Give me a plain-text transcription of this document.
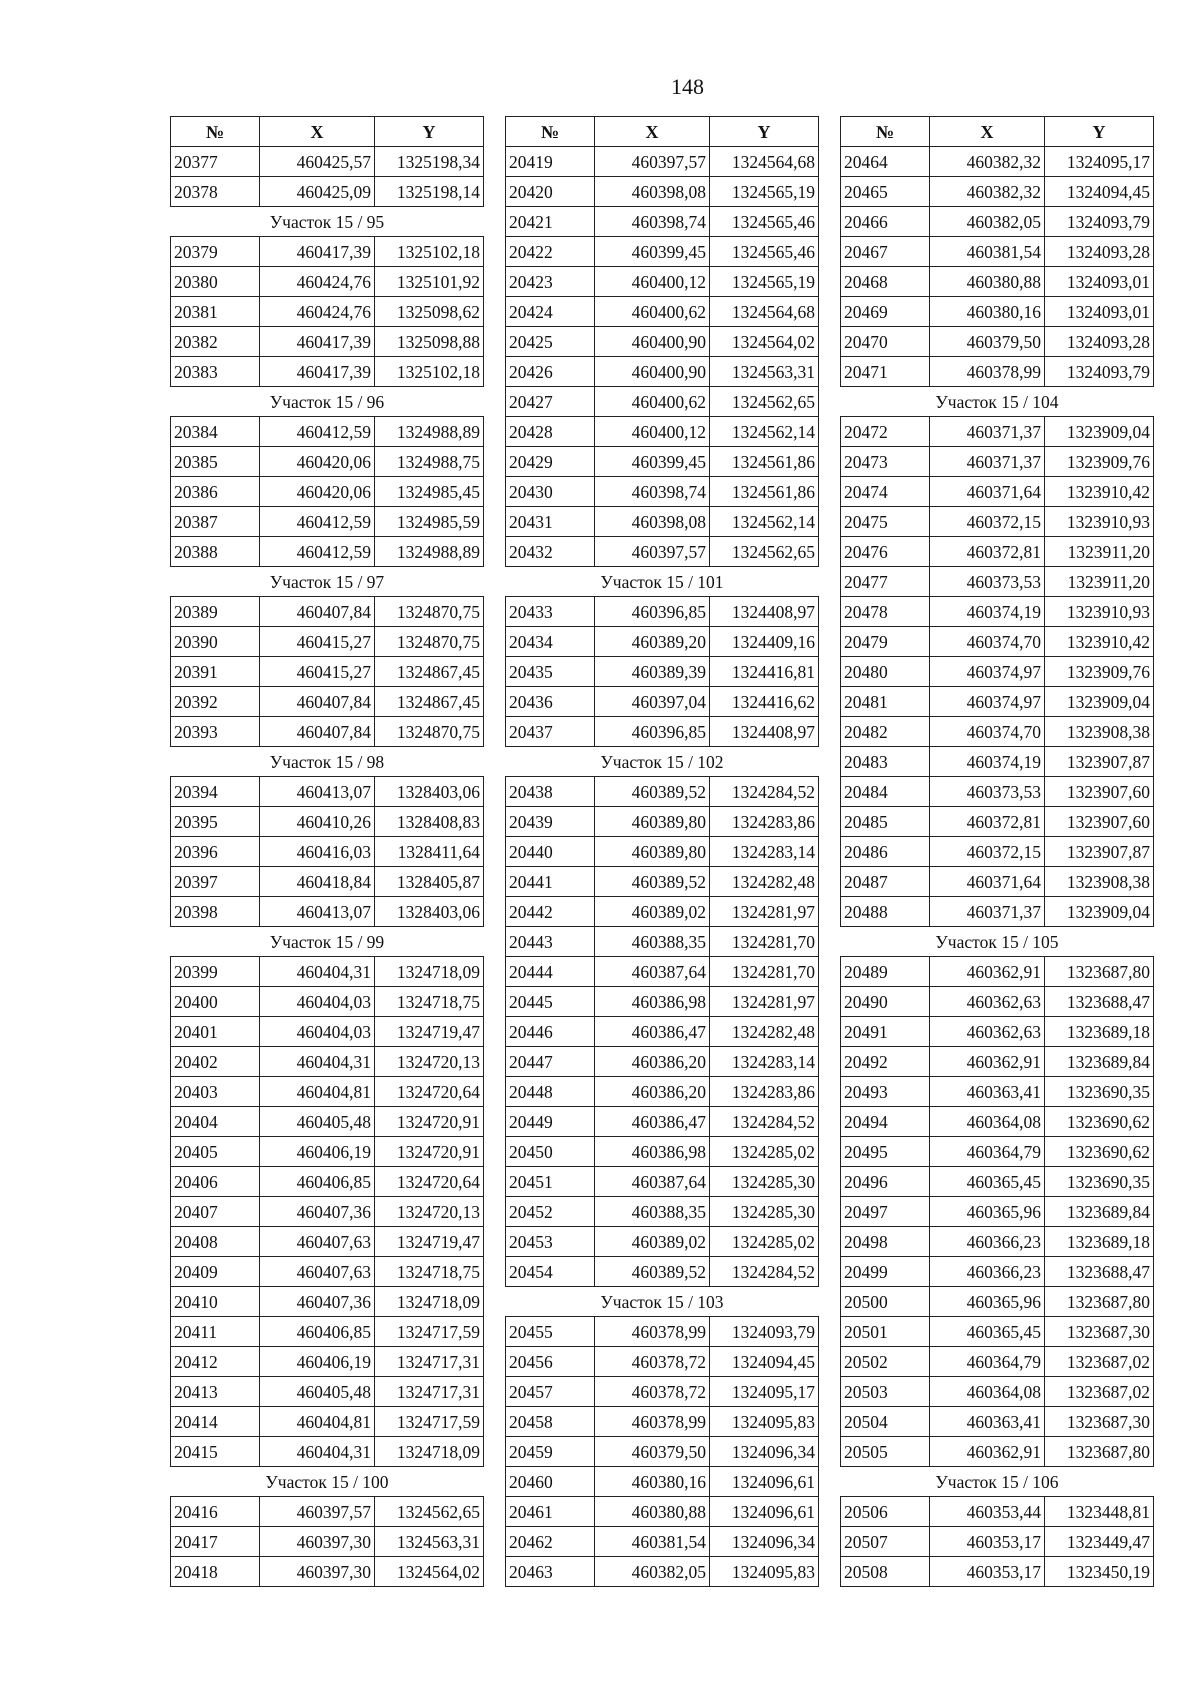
148
№	X	Y
20377	460425,57	1325198,34
20378	460425,09	1325198,14
Участок 15 / 95		
20379	460417,39	1325102,18
20380	460424,76	1325101,92
20381	460424,76	1325098,62
20382	460417,39	1325098,88
20383	460417,39	1325102,18
Участок 15 / 96		
20384	460412,59	1324988,89
20385	460420,06	1324988,75
20386	460420,06	1324985,45
20387	460412,59	1324985,59
20388	460412,59	1324988,89
Участок 15 / 97		
20389	460407,84	1324870,75
20390	460415,27	1324870,75
20391	460415,27	1324867,45
20392	460407,84	1324867,45
20393	460407,84	1324870,75
Участок 15 / 98		
20394	460413,07	1328403,06
20395	460410,26	1328408,83
20396	460416,03	1328411,64
20397	460418,84	1328405,87
20398	460413,07	1328403,06
Участок 15 / 99		
20399	460404,31	1324718,09
20400	460404,03	1324718,75
20401	460404,03	1324719,47
20402	460404,31	1324720,13
20403	460404,81	1324720,64
20404	460405,48	1324720,91
20405	460406,19	1324720,91
20406	460406,85	1324720,64
20407	460407,36	1324720,13
20408	460407,63	1324719,47
20409	460407,63	1324718,75
20410	460407,36	1324718,09
20411	460406,85	1324717,59
20412	460406,19	1324717,31
20413	460405,48	1324717,31
20414	460404,81	1324717,59
20415	460404,31	1324718,09
Участок 15 / 100		
20416	460397,57	1324562,65
20417	460397,30	1324563,31
20418	460397,30	1324564,02
№	X	Y
20419	460397,57	1324564,68
20420	460398,08	1324565,19
20421	460398,74	1324565,46
20422	460399,45	1324565,46
20423	460400,12	1324565,19
20424	460400,62	1324564,68
20425	460400,90	1324564,02
20426	460400,90	1324563,31
20427	460400,62	1324562,65
20428	460400,12	1324562,14
20429	460399,45	1324561,86
20430	460398,74	1324561,86
20431	460398,08	1324562,14
20432	460397,57	1324562,65
Участок 15 / 101		
20433	460396,85	1324408,97
20434	460389,20	1324409,16
20435	460389,39	1324416,81
20436	460397,04	1324416,62
20437	460396,85	1324408,97
Участок 15 / 102		
20438	460389,52	1324284,52
20439	460389,80	1324283,86
20440	460389,80	1324283,14
20441	460389,52	1324282,48
20442	460389,02	1324281,97
20443	460388,35	1324281,70
20444	460387,64	1324281,70
20445	460386,98	1324281,97
20446	460386,47	1324282,48
20447	460386,20	1324283,14
20448	460386,20	1324283,86
20449	460386,47	1324284,52
20450	460386,98	1324285,02
20451	460387,64	1324285,30
20452	460388,35	1324285,30
20453	460389,02	1324285,02
20454	460389,52	1324284,52
Участок 15 / 103		
20455	460378,99	1324093,79
20456	460378,72	1324094,45
20457	460378,72	1324095,17
20458	460378,99	1324095,83
20459	460379,50	1324096,34
20460	460380,16	1324096,61
20461	460380,88	1324096,61
20462	460381,54	1324096,34
20463	460382,05	1324095,83
№	X	Y
20464	460382,32	1324095,17
20465	460382,32	1324094,45
20466	460382,05	1324093,79
20467	460381,54	1324093,28
20468	460380,88	1324093,01
20469	460380,16	1324093,01
20470	460379,50	1324093,28
20471	460378,99	1324093,79
Участок 15 / 104		
20472	460371,37	1323909,04
20473	460371,37	1323909,76
20474	460371,64	1323910,42
20475	460372,15	1323910,93
20476	460372,81	1323911,20
20477	460373,53	1323911,20
20478	460374,19	1323910,93
20479	460374,70	1323910,42
20480	460374,97	1323909,76
20481	460374,97	1323909,04
20482	460374,70	1323908,38
20483	460374,19	1323907,87
20484	460373,53	1323907,60
20485	460372,81	1323907,60
20486	460372,15	1323907,87
20487	460371,64	1323908,38
20488	460371,37	1323909,04
Участок 15 / 105		
20489	460362,91	1323687,80
20490	460362,63	1323688,47
20491	460362,63	1323689,18
20492	460362,91	1323689,84
20493	460363,41	1323690,35
20494	460364,08	1323690,62
20495	460364,79	1323690,62
20496	460365,45	1323690,35
20497	460365,96	1323689,84
20498	460366,23	1323689,18
20499	460366,23	1323688,47
20500	460365,96	1323687,80
20501	460365,45	1323687,30
20502	460364,79	1323687,02
20503	460364,08	1323687,02
20504	460363,41	1323687,30
20505	460362,91	1323687,80
Участок 15 / 106		
20506	460353,44	1323448,81
20507	460353,17	1323449,47
20508	460353,17	1323450,19
